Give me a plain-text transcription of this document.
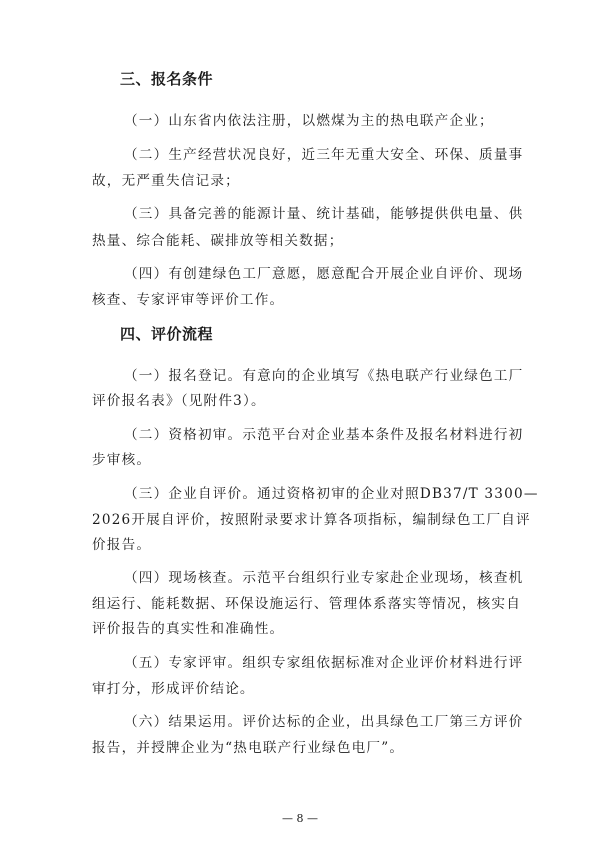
三、报名条件
（一）山东省内依法注册，以燃煤为主的热电联产企业；
（二）生产经营状况良好，近三年无重大安全、环保、质量事
故，无严重失信记录；
（三）具备完善的能源计量、统计基础，能够提供供电量、供
热量、综合能耗、碳排放等相关数据；
（四）有创建绿色工厂意愿，愿意配合开展企业自评价、现场
核查、专家评审等评价工作。
四、评价流程
（一）报名登记。有意向的企业填写《热电联产行业绿色工厂
评价报名表》（见附件3）。
（二）资格初审。示范平台对企业基本条件及报名材料进行初
步审核。
（三）企业自评价。通过资格初审的企业对照DB37/T 3300—
2026开展自评价，按照附录要求计算各项指标，编制绿色工厂自评
价报告。
（四）现场核查。示范平台组织行业专家赴企业现场，核查机
组运行、能耗数据、环保设施运行、管理体系落实等情况，核实自
评价报告的真实性和准确性。
（五）专家评审。组织专家组依据标准对企业评价材料进行评
审打分，形成评价结论。
（六）结果运用。评价达标的企业，出具绿色工厂第三方评价
报告，并授牌企业为“热电联产行业绿色电厂”。
— 8 —
